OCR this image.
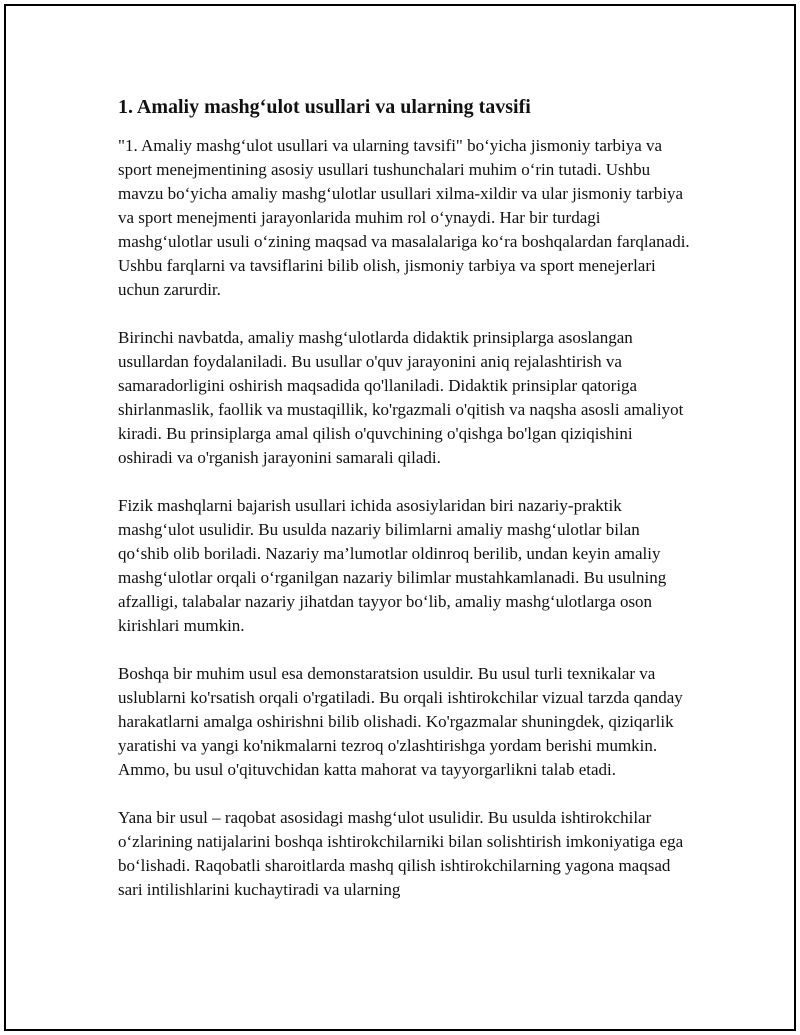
1. Amaliy mashg‘ulot usullari va ularning tavsifi

"1. Amaliy mashg‘ulot usullari va ularning tavsifi" bo‘yicha jismoniy tarbiya va sport menejmentining asosiy usullari tushunchalari muhim o‘rin tutadi. Ushbu mavzu bo‘yicha amaliy mashg‘ulotlar usullari xilma-xildir va ular jismoniy tarbiya va sport menejmenti jarayonlarida muhim rol o‘ynaydi. Har bir turdagi mashg‘ulotlar usuli o‘zining maqsad va masalalariga ko‘ra boshqalardan farqlanadi. Ushbu farqlarni va tavsiflarini bilib olish, jismoniy tarbiya va sport menejerlari uchun zarurdir.

Birinchi navbatda, amaliy mashg‘ulotlarda didaktik prinsiplarga asoslangan usullardan foydalaniladi. Bu usullar o'quv jarayonini aniq rejalashtirish va samaradorligini oshirish maqsadida qo'llaniladi. Didaktik prinsiplar qatoriga shirlanmaslik, faollik va mustaqillik, ko'rgazmali o'qitish va naqsha asosli amaliyot kiradi. Bu prinsiplarga amal qilish o'quvchining o'qishga bo'lgan qiziqishini oshiradi va o'rganish jarayonini samarali qiladi.

Fizik mashqlarni bajarish usullari ichida asosiylaridan biri nazariy-praktik mashg‘ulot usulidir. Bu usulda nazariy bilimlarni amaliy mashg‘ulotlar bilan qo‘shib olib boriladi. Nazariy ma’lumotlar oldinroq berilib, undan keyin amaliy mashg‘ulotlar orqali o‘rganilgan nazariy bilimlar mustahkamlanadi. Bu usulning afzalligi, talabalar nazariy jihatdan tayyor bo‘lib, amaliy mashg‘ulotlarga oson kirishlari mumkin.

Boshqa bir muhim usul esa demonstaratsion usuldir. Bu usul turli texnikalar va uslublarni ko'rsatish orqali o'rgatiladi. Bu orqali ishtirokchilar vizual tarzda qanday harakatlarni amalga oshirishni bilib olishadi. Ko'rgazmalar shuningdek, qiziqarlik yaratishi va yangi ko'nikmalarni tezroq o'zlashtirishga yordam berishi mumkin. Ammo, bu usul o'qituvchidan katta mahorat va tayyorgarlikni talab etadi.

Yana bir usul – raqobat asosidagi mashg‘ulot usulidir. Bu usulda ishtirokchilar o‘zlarining natijalarini boshqa ishtirokchilarniki bilan solishtirish imkoniyatiga ega bo‘lishadi. Raqobatli sharoitlarda mashq qilish ishtirokchilarning yagona maqsad sari intilishlarini kuchaytiradi va ularning
